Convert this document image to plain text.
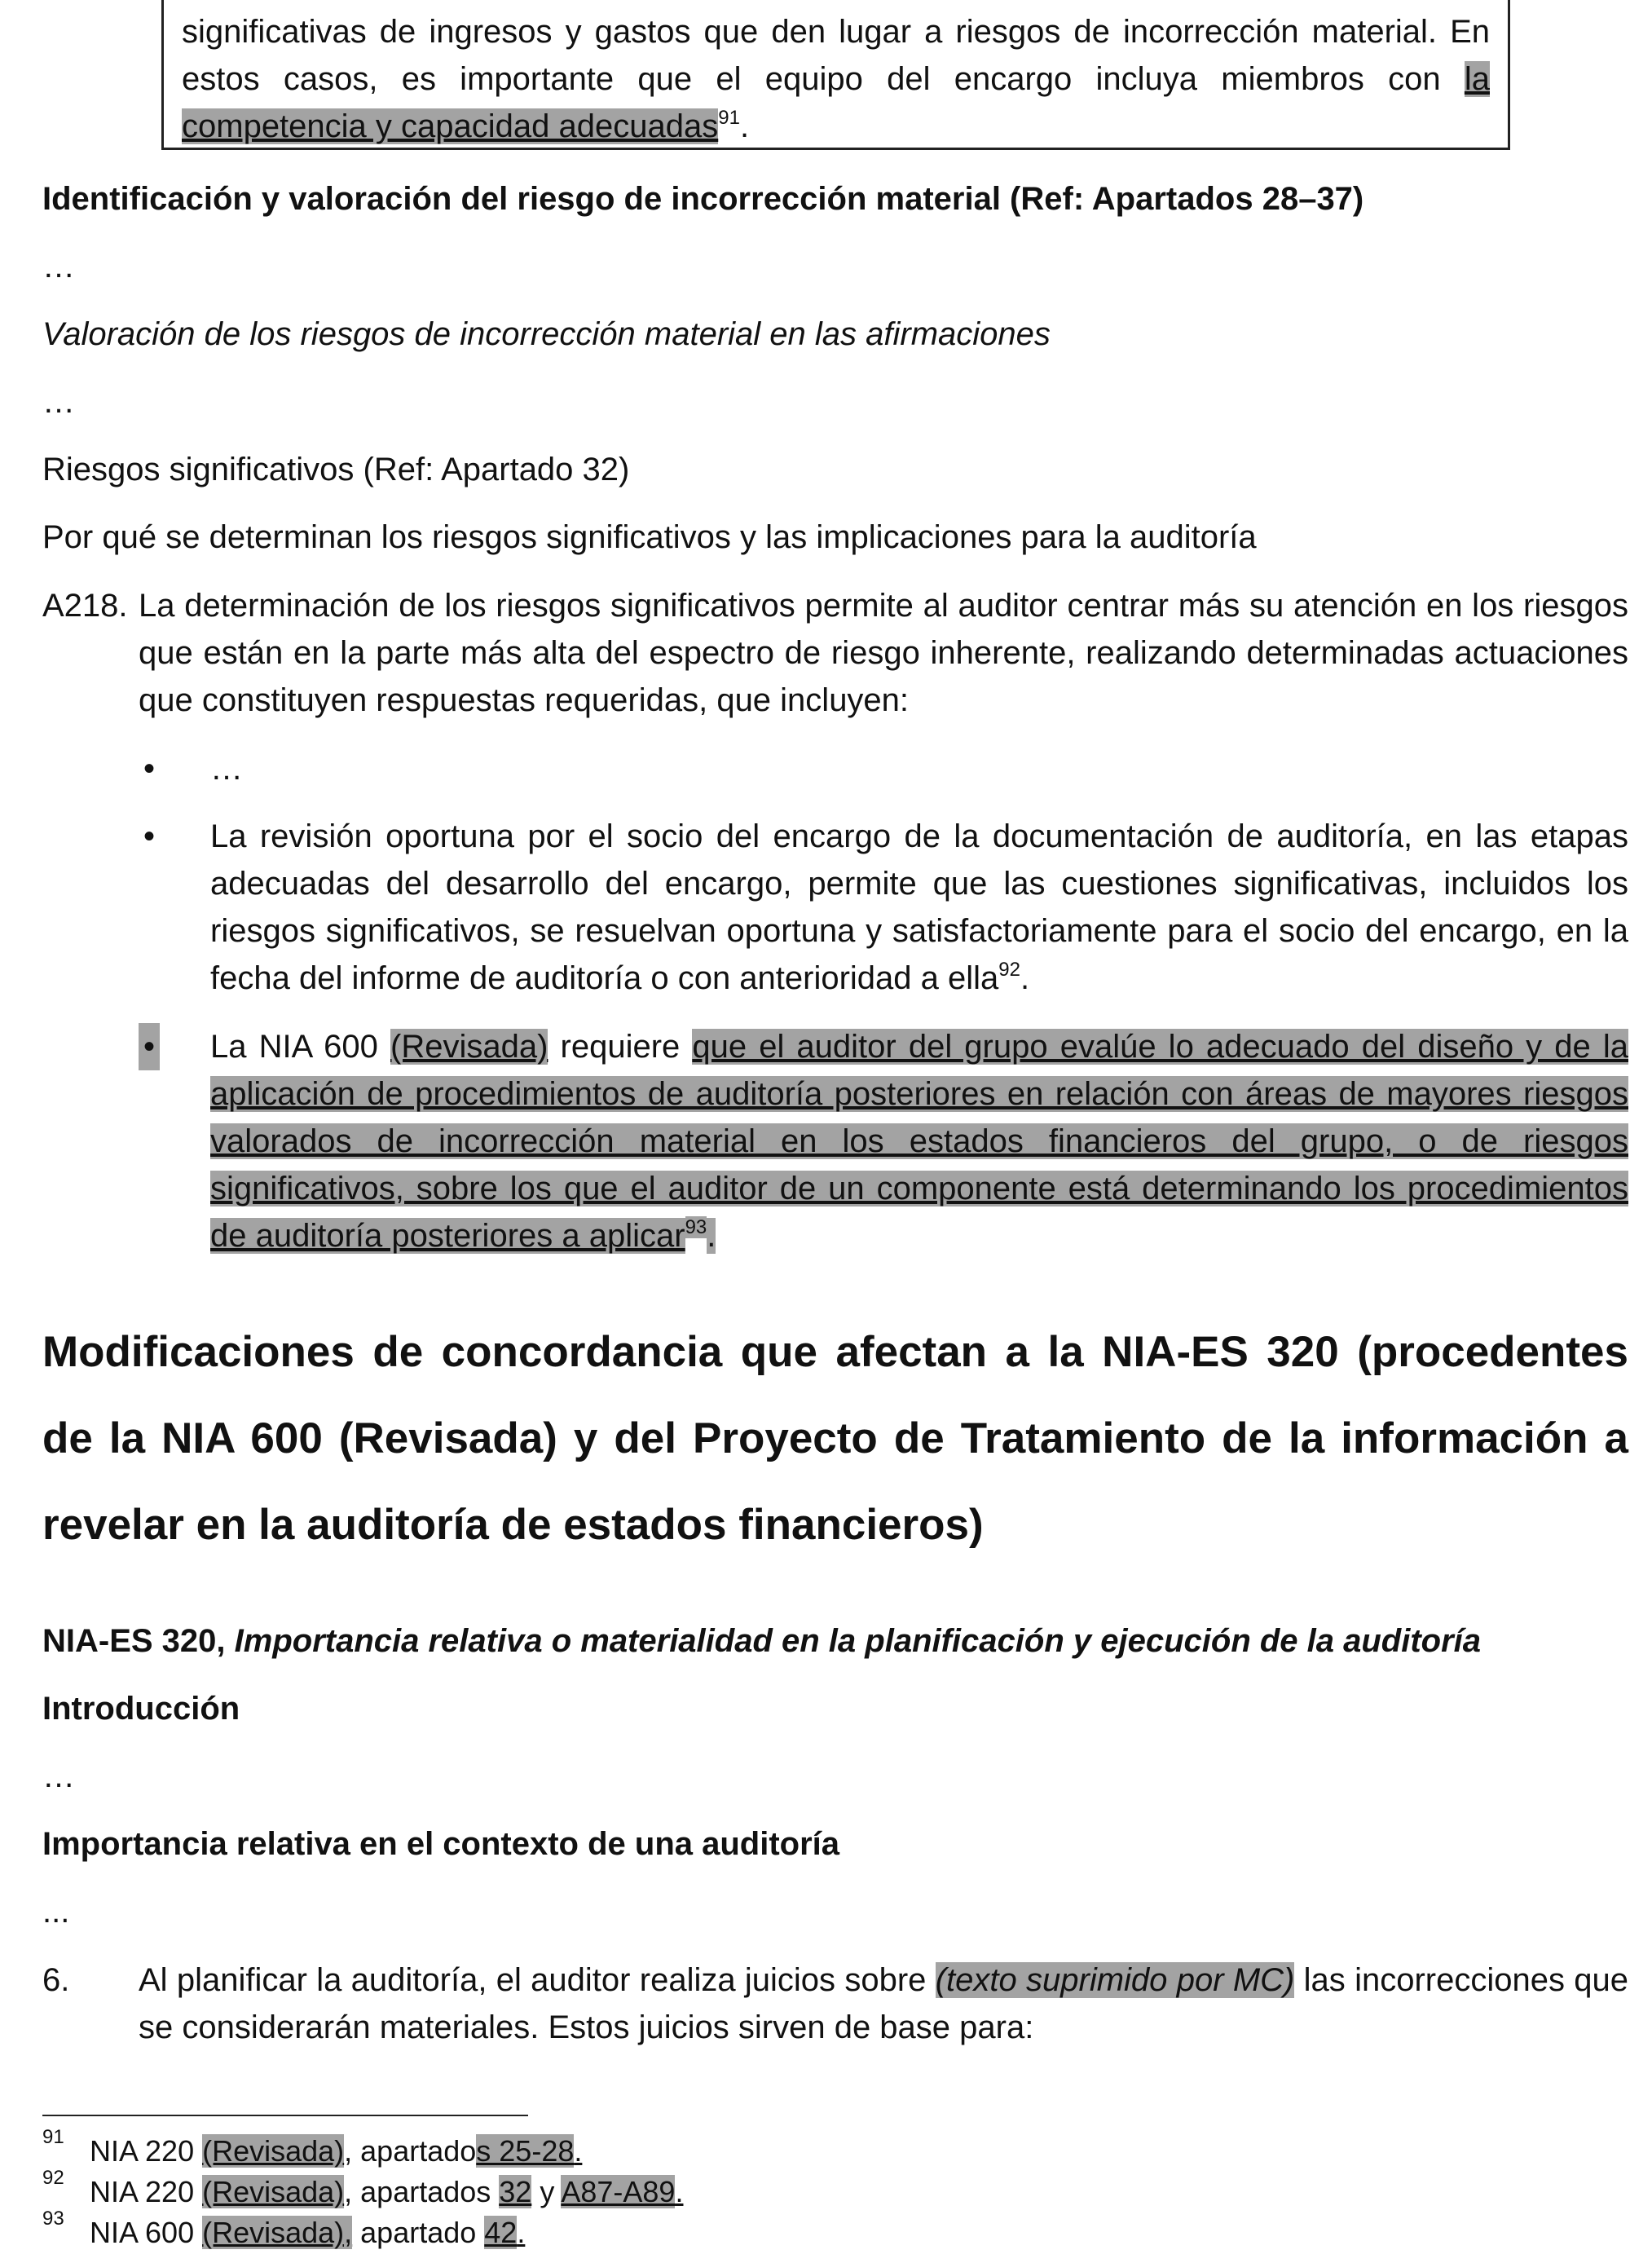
significativas de ingresos y gastos que den lugar a riesgos de incorrección material. En estos casos, es importante que el equipo del encargo incluya miembros con la competencia y capacidad adecuadas$^{91}$.

Identificación y valoración del riesgo de incorrección material (Ref: Apartados 28–37)

…

Valoración de los riesgos de incorrección material en las afirmaciones

…

Riesgos significativos (Ref: Apartado 32)

Por qué se determinan los riesgos significativos y las implicaciones para la auditoría

A218. La determinación de los riesgos significativos permite al auditor centrar más su atención en los riesgos que están en la parte más alta del espectro de riesgo inherente, realizando determinadas actuaciones que constituyen respuestas requeridas, que incluyen:

• …

• La revisión oportuna por el socio del encargo de la documentación de auditoría, en las etapas adecuadas del desarrollo del encargo, permite que las cuestiones significativas, incluidos los riesgos significativos, se resuelvan oportuna y satisfactoriamente para el socio del encargo, en la fecha del informe de auditoría o con anterioridad a ella$^{92}$.

• La NIA 600 (Revisada) requiere que el auditor del grupo evalúe lo adecuado del diseño y de la aplicación de procedimientos de auditoría posteriores en relación con áreas de mayores riesgos valorados de incorrección material en los estados financieros del grupo, o de riesgos significativos, sobre los que el auditor de un componente está determinando los procedimientos de auditoría posteriores a aplicar$^{93}$.

Modificaciones de concordancia que afectan a la NIA-ES 320 (procedentes de la NIA 600 (Revisada) y del Proyecto de Tratamiento de la información a revelar en la auditoría de estados financieros)

NIA-ES 320, Importancia relativa o materialidad en la planificación y ejecución de la auditoría

Introducción

…

Importancia relativa en el contexto de una auditoría

...

6. Al planificar la auditoría, el auditor realiza juicios sobre (texto suprimido por MC) las incorrecciones que se considerarán materiales. Estos juicios sirven de base para:

91 NIA 220 (Revisada), apartados 25-28.

92 NIA 220 (Revisada), apartados 32 y A87-A89.

93 NIA 600 (Revisada), apartado 42.
